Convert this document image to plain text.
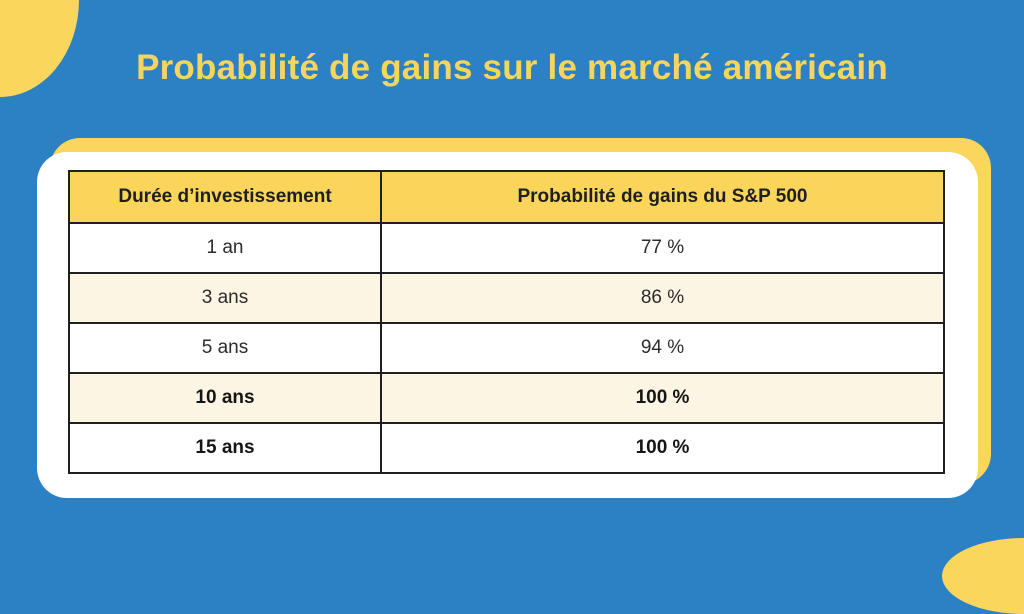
Probabilité de gains sur le marché américain
Durée d’investissement	Probabilité de gains du S&P 500
1 an	77 %
3 ans	86 %
5 ans	94 %
10 ans	100 %
15 ans	100 %
